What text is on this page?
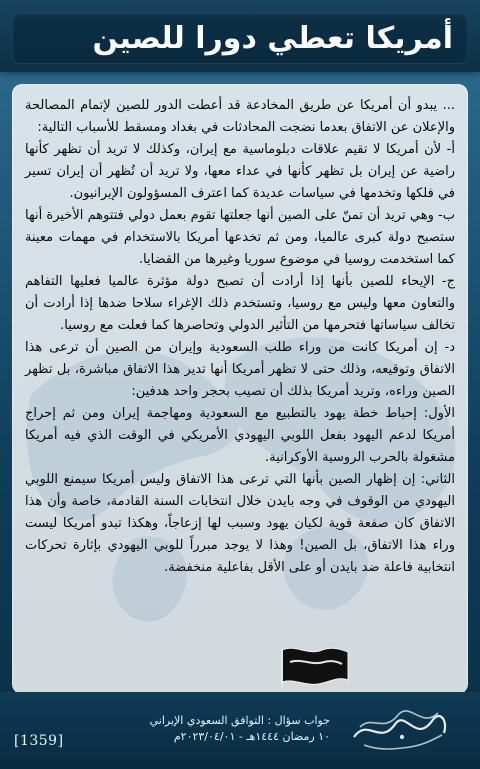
أمريكا تعطي دورا للصين

... يبدو أن أمريكا عن طريق المخادعة قد أعطت الدور للصين لإتمام المصالحة والإعلان عن الاتفاق بعدما نضجت المحادثات في بغداد ومسقط للأسباب التالية:

أ- لأن أمريكا لا تقيم علاقات دبلوماسية مع إيران، وكذلك لا تريد أن تظهر كأنها راضية عن إيران بل تظهر كأنها في عداء معها، ولا تريد أن تُظهر أن إيران تسير في فلكها وتخدمها في سياسات عديدة كما اعترف المسؤولون الإيرانيون.

ب- وهي تريد أن تمنّ على الصين أنها جعلتها تقوم بعمل دولي فتتوهم الأخيرة أنها ستصبح دولة كبرى عالميا، ومن ثم تخدعها أمريكا بالاستخدام في مهمات معينة كما استخدمت روسيا في موضوع سوريا وغيرها من القضايا.

ج- الإيحاء للصين بأنها إذا أرادت أن تصبح دولة مؤثرة عالميا فعليها التفاهم والتعاون معها وليس مع روسيا، وتستخدم ذلك الإغراء سلاحا ضدها إذا أرادت أن تخالف سياساتها فتحرمها من التأثير الدولي وتحاصرها كما فعلت مع روسيا.

د- إن أمريكا كانت من وراء طلب السعودية وإيران من الصين أن ترعى هذا الاتفاق وتوقيعه، وذلك حتى لا تظهر أمريكا أنها تدير هذا الاتفاق مباشرة، بل تظهر الصين وراءه، وتريد أمريكا بذلك أن تصيب بحجر واحد هدفين:

الأول: إحباط خطة يهود بالتطبيع مع السعودية ومهاجمة إيران ومن ثم إحراج أمريكا لدعم اليهود بفعل اللوبي اليهودي الأمريكي في الوقت الذي فيه أمريكا مشغولة بالحرب الروسية الأوكرانية.

الثاني: إن إظهار الصين بأنها التي ترعى هذا الاتفاق وليس أمريكا سيمنع اللوبي اليهودي من الوقوف في وجه بايدن خلال انتخابات السنة القادمة، خاصة وأن هذا الاتفاق كان صفعة قوية لكيان يهود وسبب لها إزعاجاً، وهكذا تبدو أمريكا ليست وراء هذا الاتفاق، بل الصين! وهذا لا يوجد مبرراً للوبي اليهودي بإثارة تحركات انتخابية فاعلة ضد بايدن أو على الأقل بفاعلية منخفضة.

[1359]
جواب سؤال : التوافق السعودي الإيراني
١٠ رمضان ١٤٤٤هـ - ٢٠٢٣/٠٤/٠١م
